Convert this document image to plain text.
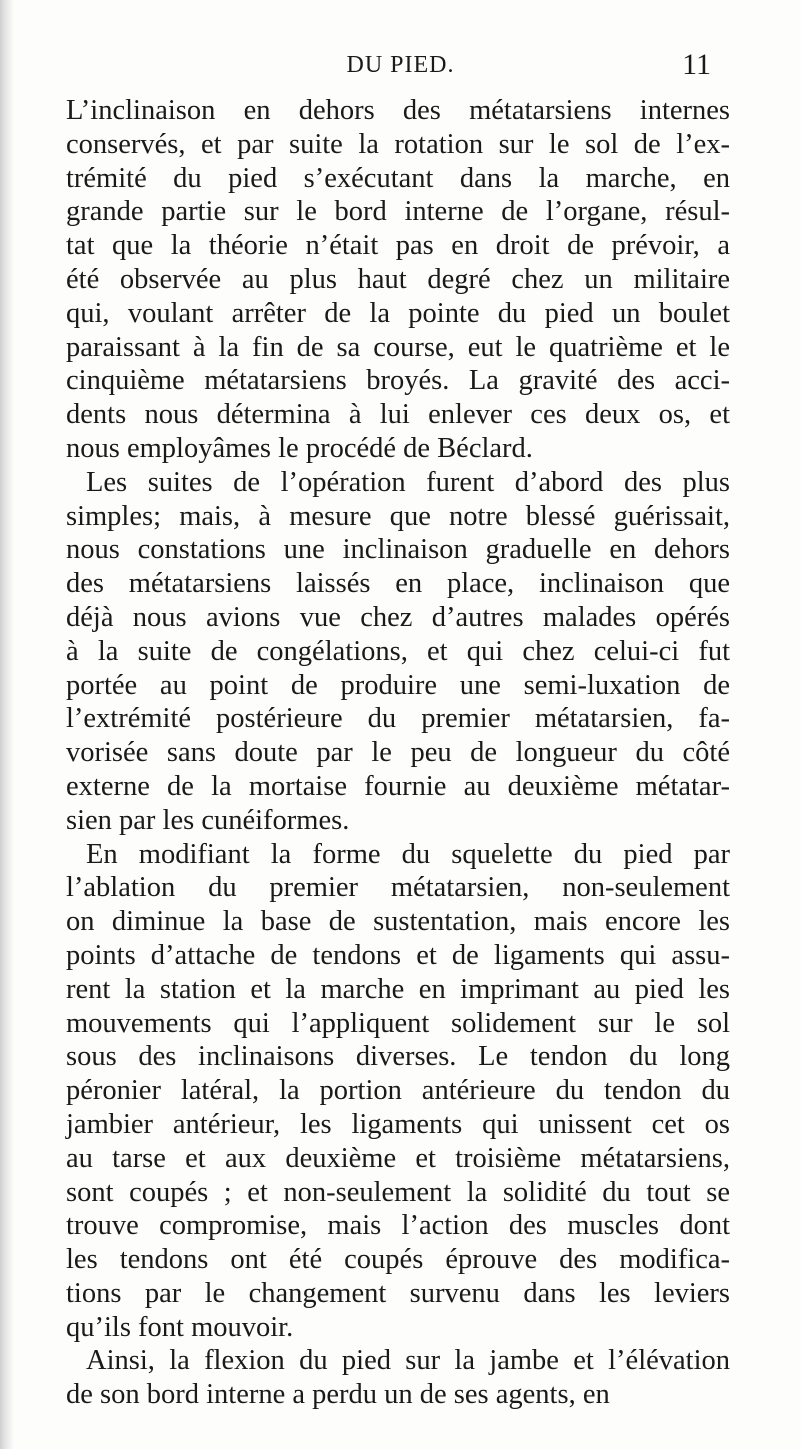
DU PIED.	11
L’inclinaison en dehors des métatarsiens internes
conservés, et par suite la rotation sur le sol de l’ex-
trémité du pied s’exécutant dans la marche, en
grande partie sur le bord interne de l’organe, résul-
tat que la théorie n’était pas en droit de prévoir, a
été observée au plus haut degré chez un militaire
qui, voulant arrêter de la pointe du pied un boulet
paraissant à la fin de sa course, eut le quatrième et le
cinquième métatarsiens broyés. La gravité des acci-
dents nous détermina à lui enlever ces deux os, et
nous employâmes le procédé de Béclard.
Les suites de l’opération furent d’abord des plus
simples; mais, à mesure que notre blessé guérissait,
nous constations une inclinaison graduelle en dehors
des métatarsiens laissés en place, inclinaison que
déjà nous avions vue chez d’autres malades opérés
à la suite de congélations, et qui chez celui-ci fut
portée au point de produire une semi-luxation de
l’extrémité postérieure du premier métatarsien, fa-
vorisée sans doute par le peu de longueur du côté
externe de la mortaise fournie au deuxième métatar-
sien par les cunéiformes.
En modifiant la forme du squelette du pied par
l’ablation du premier métatarsien, non-seulement
on diminue la base de sustentation, mais encore les
points d’attache de tendons et de ligaments qui assu-
rent la station et la marche en imprimant au pied les
mouvements qui l’appliquent solidement sur le sol
sous des inclinaisons diverses. Le tendon du long
péronier latéral, la portion antérieure du tendon du
jambier antérieur, les ligaments qui unissent cet os
au tarse et aux deuxième et troisième métatarsiens,
sont coupés ; et non-seulement la solidité du tout se
trouve compromise, mais l’action des muscles dont
les tendons ont été coupés éprouve des modifica-
tions par le changement survenu dans les leviers
qu’ils font mouvoir.
Ainsi, la flexion du pied sur la jambe et l’élévation
de son bord interne a perdu un de ses agents, en
